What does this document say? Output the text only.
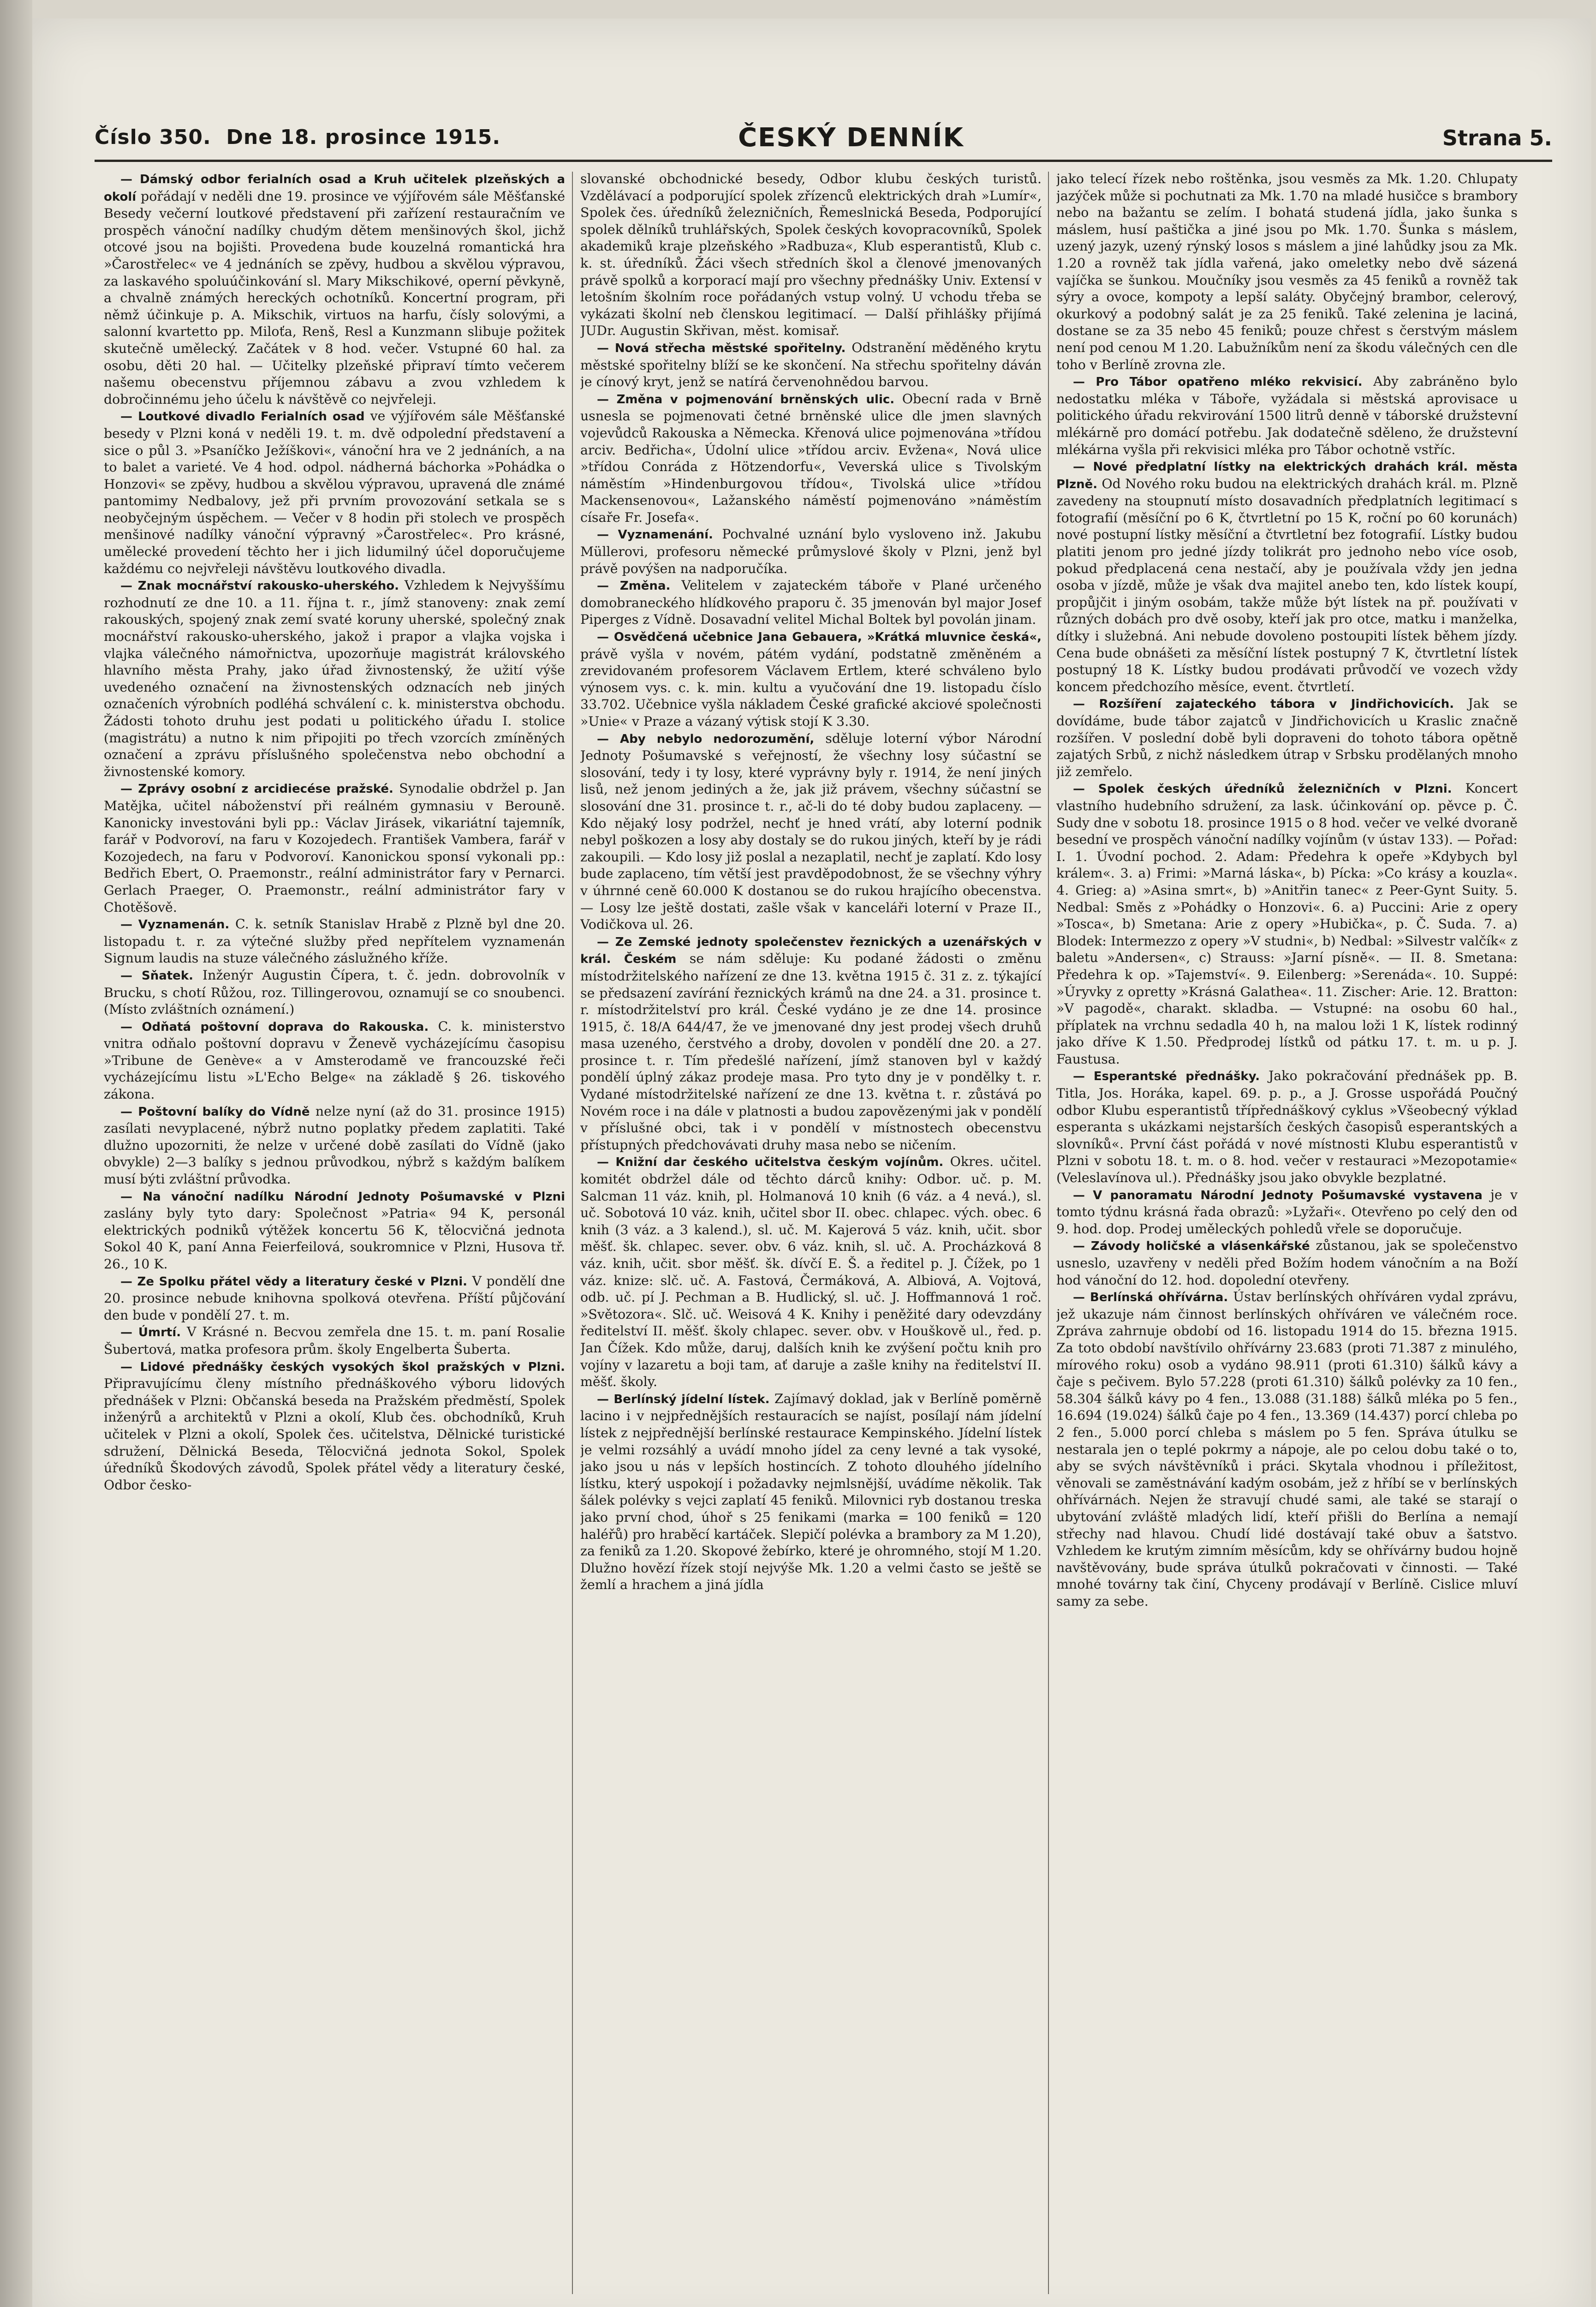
Číslo 350. Dne 18. prosince 1915.	ČESKÝ DENNÍK	Strana 5.

— Dámský odbor ferialních osad a Kruh učitelek plzeňských a okolí pořádají v neděli dne 19. prosince ve výjířovém sále Měšťanské Besedy večerní loutkové představení při zařízení restauračním ve prospěch vánoční nadílky chudým dětem menšinových škol, jichž otcové jsou na bojišti. Provedena bude kouzelná romantická hra »Čarostřelec« ve 4 jednáních se zpěvy, hudbou a skvělou výpravou, za laskavého spoluúčinkování sl. Mary Mikschikové, operní pěvkyně, a chvalně známých hereckých ochotníků. Koncertní program, při němž účinkuje p. A. Mikschik, virtuos na harfu, čísly solovými, a salonní kvartetto pp. Miloťa, Renš, Resl a Kunzmann slibuje požitek skutečně umělecký. Začátek v 8 hod. večer. Vstupné 60 hal. za osobu, děti 20 hal. — Učitelky plzeňské připraví tímto večerem našemu obecenstvu příjemnou zábavu a zvou vzhledem k dobročinnému jeho účelu k návštěvě co nejvřeleji.

— Loutkové divadlo Ferialních osad ve výjířovém sále Měšťanské besedy v Plzni koná v neděli 19. t. m. dvě odpolední představení a sice o půl 3. »Psaníčko Ježíškovi«, vánoční hra ve 2 jednáních, a na to balet a varieté. Ve 4 hod. odpol. nádherná báchorka »Pohádka o Honzovi« se zpěvy, hudbou a skvělou výpravou, upravená dle známé pantomimy Nedbalovy, jež při prvním provozování setkala se s neobyčejným úspěchem. — Večer v 8 hodin při stolech ve prospěch menšinové nadílky vánoční výpravný »Čarostřelec«. Pro krásné, umělecké provedení těchto her i jich lidumilný účel doporučujeme každému co nejvřeleji návštěvu loutkového divadla.

— Znak mocnářství rakousko-uherského. Vzhledem k Nejvyššímu rozhodnutí ze dne 10. a 11. října t. r., jímž stanoveny: znak zemí rakouských, spojený znak zemí svaté koruny uherské, společný znak mocnářství rakousko-uherského, jakož i prapor a vlajka vojska i vlajka válečného námořnictva, upozorňuje magistrát královského hlavního města Prahy, jako úřad živnostenský, že užití výše uvedeného označení na živnostenských odznacích neb jiných označeních výrobních podléhá schválení c. k. ministerstva obchodu. Žádosti tohoto druhu jest podati u politického úřadu I. stolice (magistrátu) a nutno k nim připojiti po třech vzorcích zmíněných označení a zprávu příslušného společenstva nebo obchodní a živnostenské komory.

— Zprávy osobní z arcidiecése pražské. Synodalie obdržel p. Jan Matějka, učitel náboženství při reálném gymnasiu v Berouně. Kanonicky investováni byli pp.: Václav Jirásek, vikariátní tajemník, farář v Podvoroví, na faru v Kozojedech. František Vambera, farář v Kozojedech, na faru v Podvoroví. Kanonickou sponsí vykonali pp.: Bedřich Ebert, O. Praemonstr., reální administrátor fary v Pernarci. Gerlach Praeger, O. Praemonstr., reální administrátor fary v Chotěšově.

— Vyznamenán. C. k. setník Stanislav Hrabě z Plzně byl dne 20. listopadu t. r. za výtečné služby před nepřítelem vyznamenán Signum laudis na stuze válečného záslužného kříže.

— Sňatek. Inženýr Augustin Čípera, t. č. jedn. dobrovolník v Brucku, s chotí Růžou, roz. Tillingerovou, oznamují se co snoubenci. (Místo zvláštních oznámení.)

— Odňatá poštovní doprava do Rakouska. C. k. ministerstvo vnitra odňalo poštovní dopravu v Ženevě vycházejícímu časopisu »Tribune de Genève« a v Amsterodamě ve francouzské řeči vycházejícímu listu »L'Echo Belge« na základě § 26. tiskového zákona.

— Poštovní balíky do Vídně nelze nyní (až do 31. prosince 1915) zasílati nevyplacené, nýbrž nutno poplatky předem zaplatiti. Také dlužno upozorniti, že nelze v určené době zasílati do Vídně (jako obvykle) 2—3 balíky s jednou průvodkou, nýbrž s každým balíkem musí býti zvláštní průvodka.

— Na vánoční nadílku Národní Jednoty Pošumavské v Plzni zaslány byly tyto dary: Společnost »Patria« 94 K, personál elektrických podniků výtěžek koncertu 56 K, tělocvičná jednota Sokol 40 K, paní Anna Feierfeilová, soukromnice v Plzni, Husova tř. 26., 10 K.

— Ze Spolku přátel vědy a literatury české v Plzni. V pondělí dne 20. prosince nebude knihovna spolková otevřena. Příští půjčování den bude v pondělí 27. t. m.

— Úmrtí. V Krásné n. Becvou zemřela dne 15. t. m. paní Rosalie Šubertová, matka profesora prům. školy Engelberta Šuberta.

— Lidové přednášky českých vysokých škol pražských v Plzni. Připravujícímu členy místního přednáškového výboru lidových přednášek v Plzni: Občanská beseda na Pražském předměstí, Spolek inženýrů a architektů v Plzni a okolí, Klub čes. obchodníků, Kruh učitelek v Plzni a okolí, Spolek čes. učitelstva, Dělnické turistické sdružení, Dělnická Beseda, Tělocvičná jednota Sokol, Spolek úředníků Škodových závodů, Spolek přátel vědy a literatury české, Odbor česko-

slovanské obchodnické besedy, Odbor klubu českých turistů. Vzdělávací a podporující spolek zřízenců elektrických drah »Lumír«, Spolek čes. úředníků železničních, Řemeslnická Beseda, Podporující spolek dělníků truhlářských, Spolek českých kovopracovníků, Spolek akademiků kraje plzeňského »Radbuza«, Klub esperantistů, Klub c. k. st. úředníků. Žáci všech středních škol a členové jmenovaných právě spolků a korporací mají pro všechny přednášky Univ. Extensí v letošním školním roce pořádaných vstup volný. U vchodu třeba se vykázati školní neb členskou legitimací. — Další přihlášky přijímá JUDr. Augustin Skřivan, měst. komisař.

— Nová střecha městské spořitelny. Odstranění měděného krytu městské spořitelny blíží se ke skončení. Na střechu spořitelny dáván je cínový kryt, jenž se natírá červenohnědou barvou.

— Změna v pojmenování brněnských ulic. Obecní rada v Brně usnesla se pojmenovati četné brněnské ulice dle jmen slavných vojevůdců Rakouska a Německa. Křenová ulice pojmenována »třídou arciv. Bedřicha«, Údolní ulice »třídou arciv. Evžena«, Nová ulice »třídou Conráda z Hötzendorfu«, Veverská ulice s Tivolským náměstím »Hindenburgovou třídou«, Tivolská ulice »třídou Mackensenovou«, Lažanského náměstí pojmenováno »náměstím císaře Fr. Josefa«.

— Vyznamenání. Pochvalné uznání bylo vysloveno inž. Jakubu Müllerovi, profesoru německé průmyslové školy v Plzni, jenž byl právě povýšen na nadporučíka.

— Změna. Velitelem v zajateckém táboře v Plané určeného domobraneckého hlídkového praporu č. 35 jmenován byl major Josef Piperges z Vídně. Dosavadní velitel Michal Boltek byl povolán jinam.

— Osvědčená učebnice Jana Gebauera, »Krátká mluvnice česká«, právě vyšla v novém, pátém vydání, podstatně změněném a zrevidovaném profesorem Václavem Ertlem, které schváleno bylo výnosem vys. c. k. min. kultu a vyučování dne 19. listopadu číslo 33.702. Učebnice vyšla nákladem České grafické akciové společnosti »Unie« v Praze a vázaný výtisk stojí K 3.30.

— Aby nebylo nedorozumění, sděluje loterní výbor Národní Jednoty Pošumavské s veřejností, že všechny losy súčastní se slosování, tedy i ty losy, které vyprávny byly r. 1914, že není jiných lisů, než jenom jediných a že, jak již právem, všechny súčastní se slosování dne 31. prosince t. r., ač-li do té doby budou zaplaceny. — Kdo nějaký losy podržel, nechť je hned vrátí, aby loterní podnik nebyl poškozen a losy aby dostaly se do rukou jiných, kteří by je rádi zakoupili. — Kdo losy již poslal a nezaplatil, nechť je zaplatí. Kdo losy bude zaplaceno, tím větší jest pravděpodobnost, že se všechny výhry v úhrnné ceně 60.000 K dostanou se do rukou hrajícího obecenstva. — Losy lze ještě dostati, zašle však v kanceláři loterní v Praze II., Vodičkova ul. 26.

— Ze Zemské jednoty společenstev řeznických a uzenářských v král. Českém se nám sděluje: Ku podané žádosti o změnu místodržitelského nařízení ze dne 13. května 1915 č. 31 z. z. týkající se předsazení zavírání řeznických krámů na dne 24. a 31. prosince t. r. místodržitelství pro král. České vydáno je ze dne 14. prosince 1915, č. 18/A 644/47, že ve jmenované dny jest prodej všech druhů masa uzeného, čerstvého a droby, dovolen v pondělí dne 20. a 27. prosince t. r. Tím předešlé nařízení, jímž stanoven byl v každý pondělí úplný zákaz prodeje masa. Pro tyto dny je v pondělky t. r. Vydané místodržitelské nařízení ze dne 13. května t. r. zůstává po Novém roce i na dále v platnosti a budou zapovězenými jak v pondělí v příslušné obci, tak i v pondělí v místnostech obecenstvu přístupných předchovávati druhy masa nebo se ničením.

— Knižní dar českého učitelstva českým vojínům. Okres. učitel. komitét obdržel dále od těchto dárců knihy: Odbor. uč. p. M. Salcman 11 váz. knih, pl. Holmanová 10 knih (6 váz. a 4 nevá.), sl. uč. Sobotová 10 váz. knih, učitel sbor II. obec. chlapec. vých. obec. 6 knih (3 váz. a 3 kalend.), sl. uč. M. Kajerová 5 váz. knih, učit. sbor měšť. šk. chlapec. sever. obv. 6 váz. knih, sl. uč. A. Procházková 8 váz. knih, učit. sbor měšť. šk. dívčí E. Š. a ředitel p. J. Čížek, po 1 váz. knize: slč. uč. A. Fastová, Čermáková, A. Albiová, A. Vojtová, odb. uč. pí J. Pechman a B. Hudlický, sl. uč. J. Hoffmannová 1 roč. »Světozora«. Slč. uč. Weisová 4 K. Knihy i peněžité dary odevzdány ředitelství II. měšť. školy chlapec. sever. obv. v Houškově ul., řed. p. Jan Čížek. Kdo může, daruj, dalších knih ke zvýšení počtu knih pro vojíny v lazaretu a boji tam, ať daruje a zašle knihy na ředitelství II. měšť. školy.

— Berlínský jídelní lístek. Zajímavý doklad, jak v Berlíně poměrně lacino i v nejpřednějších restauracích se najíst, posílají nám jídelní lístek z nejpřednější berlínské restaurace Kempinského. Jídelní lístek je velmi rozsáhlý a uvádí mnoho jídel za ceny levné a tak vysoké, jako jsou u nás v lepších hostincích. Z tohoto dlouhého jídelního lístku, který uspokojí i požadavky nejmlsnější, uvádíme několik. Tak šálek polévky s vejci zaplatí 45 feniků. Milovnici ryb dostanou treska jako první chod, úhoř s 25 fenikami (marka = 100 feniků = 120 haléřů) pro hraběcí kartáček. Slepičí polévka a brambory za M 1.20), za feniků za 1.20. Skopové žebírko, které je ohromného, stojí M 1.20. Dlužno hovězí řízek stojí nejvýše Mk. 1.20 a velmi často se ještě se žemlí a hrachem a jiná jídla

jako telecí řízek nebo roštěnka, jsou vesměs za Mk. 1.20. Chlupaty jazýček může si pochutnati za Mk. 1.70 na mladé husičce s brambory nebo na bažantu se zelím. I bohatá studená jídla, jako šunka s máslem, husí paštička a jiné jsou po Mk. 1.70. Šunka s máslem, uzený jazyk, uzený rýnský losos s máslem a jiné lahůdky jsou za Mk. 1.20 a rovněž tak jídla vařená, jako omeletky nebo dvě sázená vajíčka se šunkou. Moučníky jsou vesměs za 45 feniků a rovněž tak sýry a ovoce, kompoty a lepší saláty. Obyčejný brambor, celerový, okurkový a podobný salát je za 25 feniků. Také zelenina je laciná, dostane se za 35 nebo 45 feniků; pouze chřest s čerstvým máslem není pod cenou M 1.20. Labužníkům není za škodu válečných cen dle toho v Berlíně zrovna zle.

— Pro Tábor opatřeno mléko rekvisicí. Aby zabráněno bylo nedostatku mléka v Táboře, vyžádala si městská aprovisace u politického úřadu rekvirování 1500 litrů denně v táborské družstevní mlékárně pro domácí potřebu. Jak dodatečně sděleno, že družstevní mlékárna vyšla při rekvisici mléka pro Tábor ochotně vstříc.

— Nové předplatní lístky na elektrických drahách král. města Plzně. Od Nového roku budou na elektrických drahách král. m. Plzně zavedeny na stoupnutí místo dosavadních předplatních legitimací s fotografií (měsíční po 6 K, čtvrtletní po 15 K, roční po 60 korunách) nové postupní lístky měsíční a čtvrtletní bez fotografií. Lístky budou platiti jenom pro jedné jízdy tolikrát pro jednoho nebo více osob, pokud předplacená cena nestačí, aby je používala vždy jen jedna osoba v jízdě, může je však dva majitel anebo ten, kdo lístek koupí, propůjčit i jiným osobám, takže může být lístek na př. používati v různých dobách pro dvě osoby, kteří jak pro otce, matku i manželka, dítky i služebná. Ani nebude dovoleno postoupiti lístek během jízdy. Cena bude obnášeti za měsíční lístek postupný 7 K, čtvrtletní lístek postupný 18 K. Lístky budou prodávati průvodčí ve vozech vždy koncem předchozího měsíce, event. čtvrtletí.

— Rozšíření zajateckého tábora v Jindřichovicích. Jak se dovídáme, bude tábor zajatců v Jindřichovicích u Kraslic značně rozšířen. V poslední době byli dopraveni do tohoto tábora opětně zajatých Srbů, z nichž následkem útrap v Srbsku prodělaných mnoho již zemřelo.

— Spolek českých úředníků železničních v Plzni. Koncert vlastního hudebního sdružení, za lask. účinkování op. pěvce p. Č. Sudy dne v sobotu 18. prosince 1915 o 8 hod. večer ve velké dvoraně besední ve prospěch vánoční nadílky vojínům (v ústav 133). — Pořad: I. 1. Úvodní pochod. 2. Adam: Předehra k opeře »Kdybych byl králem«. 3. a) Frimi: »Marná láska«, b) Pícka: »Co krásy a kouzla«. 4. Grieg: a) »Asina smrt«, b) »Anitřin tanec« z Peer-Gynt Suity. 5. Nedbal: Směs z »Pohádky o Honzovi«. 6. a) Puccini: Arie z opery »Tosca«, b) Smetana: Arie z opery »Hubička«, p. Č. Suda. 7. a) Blodek: Intermezzo z opery »V studni«, b) Nedbal: »Silvestr valčík« z baletu »Andersen«, c) Strauss: »Jarní písně«. — II. 8. Smetana: Předehra k op. »Tajemství«. 9. Eilenberg: »Serenáda«. 10. Suppé: »Úryvky z opretty »Krásná Galathea«. 11. Zischer: Arie. 12. Bratton: »V pagodě«, charakt. skladba. — Vstupné: na osobu 60 hal., příplatek na vrchnu sedadla 40 h, na malou loži 1 K, lístek rodinný jako dříve K 1.50. Předprodej lístků od pátku 17. t. m. u p. J. Faustusa.

— Esperantské přednášky. Jako pokračování přednášek pp. B. Titla, Jos. Horáka, kapel. 69. p. p., a J. Grosse uspořádá Poučný odbor Klubu esperantistů třípřednáškový cyklus »Všeobecný výklad esperanta s ukázkami nejstarších českých časopisů esperantských a slovníků«. První část pořádá v nové místnosti Klubu esperantistů v Plzni v sobotu 18. t. m. o 8. hod. večer v restauraci »Mezopotamie« (Veleslavínova ul.). Přednášky jsou jako obvykle bezplatné.

— V panoramatu Národní Jednoty Pošumavské vystavena je v tomto týdnu krásná řada obrazů: »Lyžaři«. Otevřeno po celý den od 9. hod. dop. Prodej uměleckých pohledů vřele se doporučuje.

— Závody holičské a vlásenkářské zůstanou, jak se společenstvo usneslo, uzavřeny v neděli před Božím hodem vánočním a na Boží hod vánoční do 12. hod. dopolední otevřeny.

— Berlínská ohřívárna. Ústav berlínských ohříváren vydal zprávu, jež ukazuje nám činnost berlínských ohříváren ve válečném roce. Zpráva zahrnuje období od 16. listopadu 1914 do 15. března 1915. Za toto období navštívilo ohřívárny 23.683 (proti 71.387 z minulého, mírového roku) osob a vydáno 98.911 (proti 61.310) šálků kávy a čaje s pečivem. Bylo 57.228 (proti 61.310) šálků polévky za 10 fen., 58.304 šálků kávy po 4 fen., 13.088 (31.188) šálků mléka po 5 fen., 16.694 (19.024) šálků čaje po 4 fen., 13.369 (14.437) porcí chleba po 2 fen., 5.000 porcí chleba s máslem po 5 fen. Správa útulku se nestarala jen o teplé pokrmy a nápoje, ale po celou dobu také o to, aby se svých návštěvníků i práci. Skytala vhodnou i příležitost, věnovali se zaměstnávání kadým osobám, jež z hříbí se v berlínských ohřívárnách. Nejen že stravují chudé sami, ale také se starají o ubytování zvláště mladých lidí, kteří přišli do Berlína a nemají střechy nad hlavou. Chudí lidé dostávají také obuv a šatstvo. Vzhledem ke krutým zimním měsícům, kdy se ohřívárny budou hojně navštěvovány, bude správa útulků pokračovati v činnosti. — Také mnohé továrny tak činí, Chyceny prodávají v Berlíně. Cislice mluví samy za sebe.
